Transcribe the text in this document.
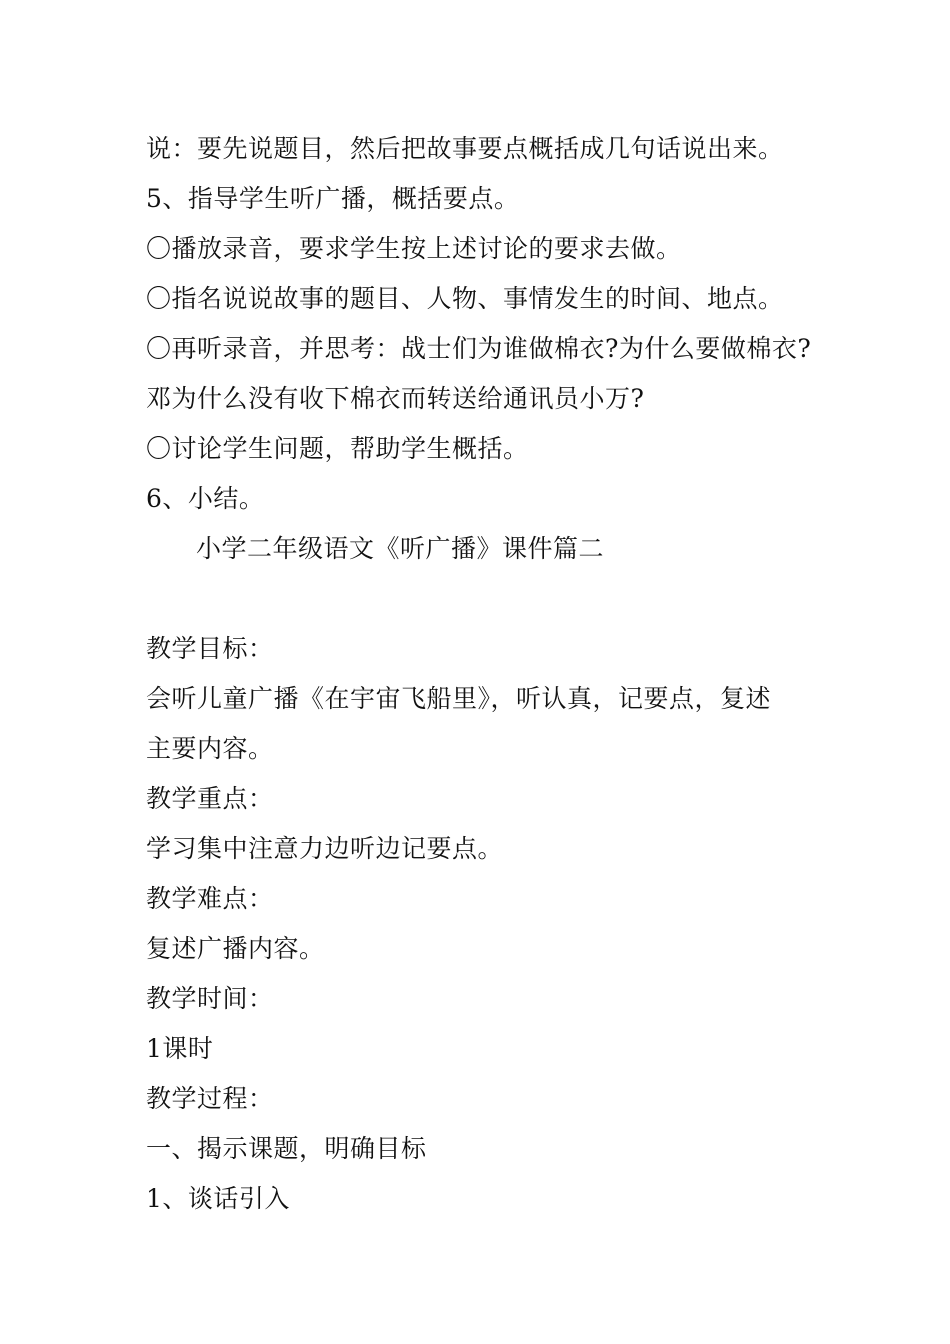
说：要先说题目，然后把故事要点概括成几句话说出来。
5、指导学生听广播，概括要点。
〇播放录音，要求学生按上述讨论的要求去做。
〇指名说说故事的题目、人物、事情发生的时间、地点。
〇再听录音，并思考：战士们为谁做棉衣?为什么要做棉衣?
邓为什么没有收下棉衣而转送给通讯员小万?
〇讨论学生问题，帮助学生概括。
6、小结。
小学二年级语文《听广播》课件篇二
教学目标：
会听儿童广播《在宇宙飞船里》，听认真，记要点，复述
主要内容。
教学重点：
学习集中注意力边听边记要点。
教学难点：
复述广播内容。
教学时间：
1课时
教学过程：
一、揭示课题，明确目标
1、谈话引入
